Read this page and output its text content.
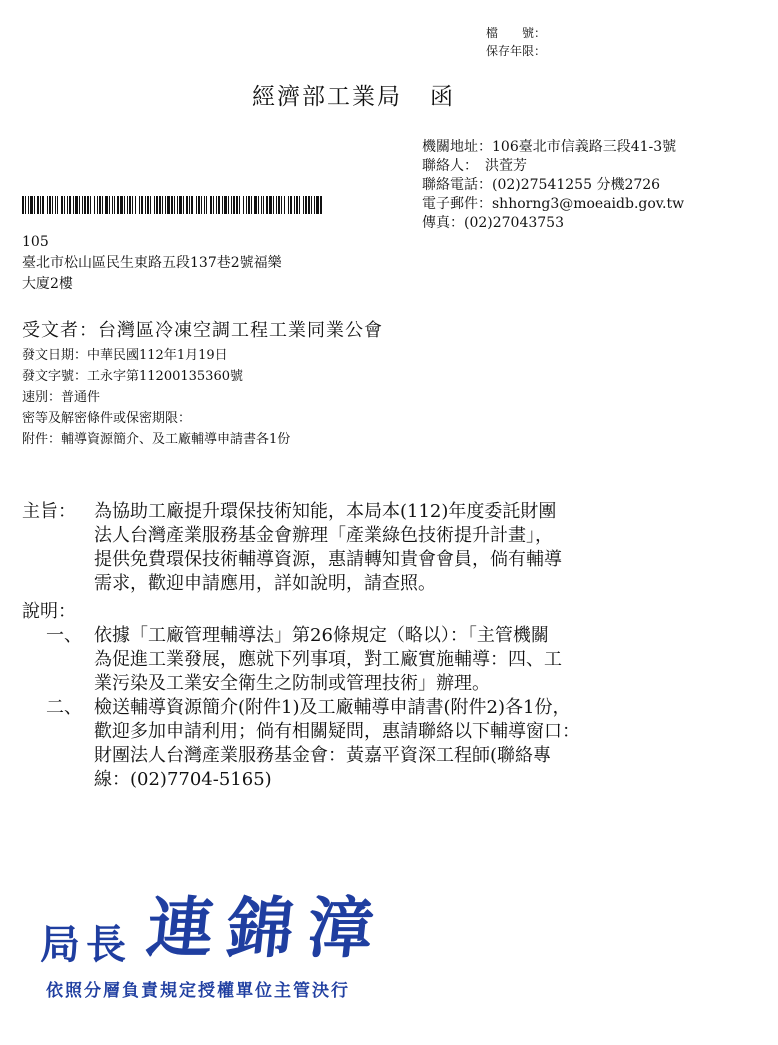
檔　　號：
保存年限：
經濟部工業局 函
機關地址：106臺北市信義路三段41-3號
聯絡人：　洪萓芳
聯絡電話：(02)27541255 分機2726
電子郵件：shhorng3@moeaidb.gov.tw
傳真：(02)27043753
105
臺北市松山區民生東路五段137巷2號福樂
大廈2樓
受文者：台灣區冷凍空調工程工業同業公會
發文日期：中華民國112年1月19日
發文字號：工永字第11200135360號
速別：普通件
密等及解密條件或保密期限：
附件：輔導資源簡介、及工廠輔導申請書各1份
主旨： 為協助工廠提升環保技術知能，本局本(112)年度委託財團
法人台灣產業服務基金會辦理「產業綠色技術提升計畫」，
提供免費環保技術輔導資源，惠請轉知貴會會員，倘有輔導
需求，歡迎申請應用，詳如說明，請查照。
說明：
一、 依據「工廠管理輔導法」第26條規定（略以）：「主管機關
為促進工業發展，應就下列事項，對工廠實施輔導：四、工
業污染及工業安全衛生之防制或管理技術」辦理。
二、 檢送輔導資源簡介(附件1)及工廠輔導申請書(附件2)各1份，
歡迎多加申請利用；倘有相關疑問，惠請聯絡以下輔導窗口：
財團法人台灣產業服務基金會：黃嘉平資深工程師(聯絡專
線：(02)7704-5165)
局長 連錦漳
依照分層負責規定授權單位主管決行
